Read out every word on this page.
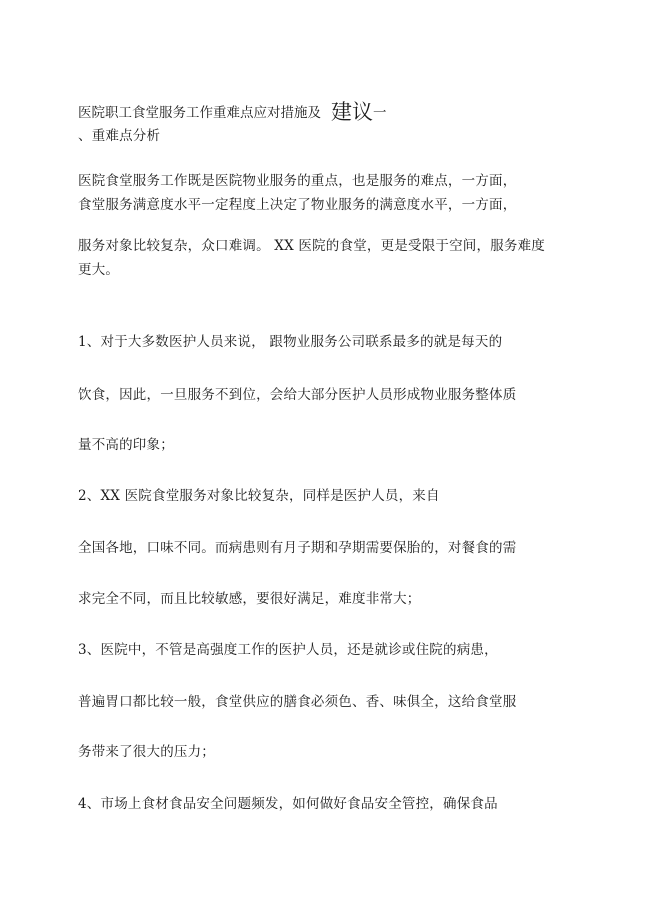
医院职工食堂服务工作重难点应对措施及 建议一
、重难点分析
医院食堂服务工作既是医院物业服务的重点，也是服务的难点，一方面，
食堂服务满意度水平一定程度上决定了物业服务的满意度水平，一方面，
服务对象比较复杂，众口难调。 XX 医院的食堂，更是受限于空间，服务难度
更大。
1、对于大多数医护人员来说， 跟物业服务公司联系最多的就是每天的
饮食，因此，一旦服务不到位，会给大部分医护人员形成物业服务整体质
量不高的印象；
2、XX 医院食堂服务对象比较复杂，同样是医护人员，来自
全国各地，口味不同。而病患则有月子期和孕期需要保胎的，对餐食的需
求完全不同，而且比较敏感，要很好满足，难度非常大；
3、医院中，不管是高强度工作的医护人员，还是就诊或住院的病患，
普遍胃口都比较一般，食堂供应的膳食必须色、香、味俱全，这给食堂服
务带来了很大的压力；
4、市场上食材食品安全问题频发，如何做好食品安全管控，确保食品
